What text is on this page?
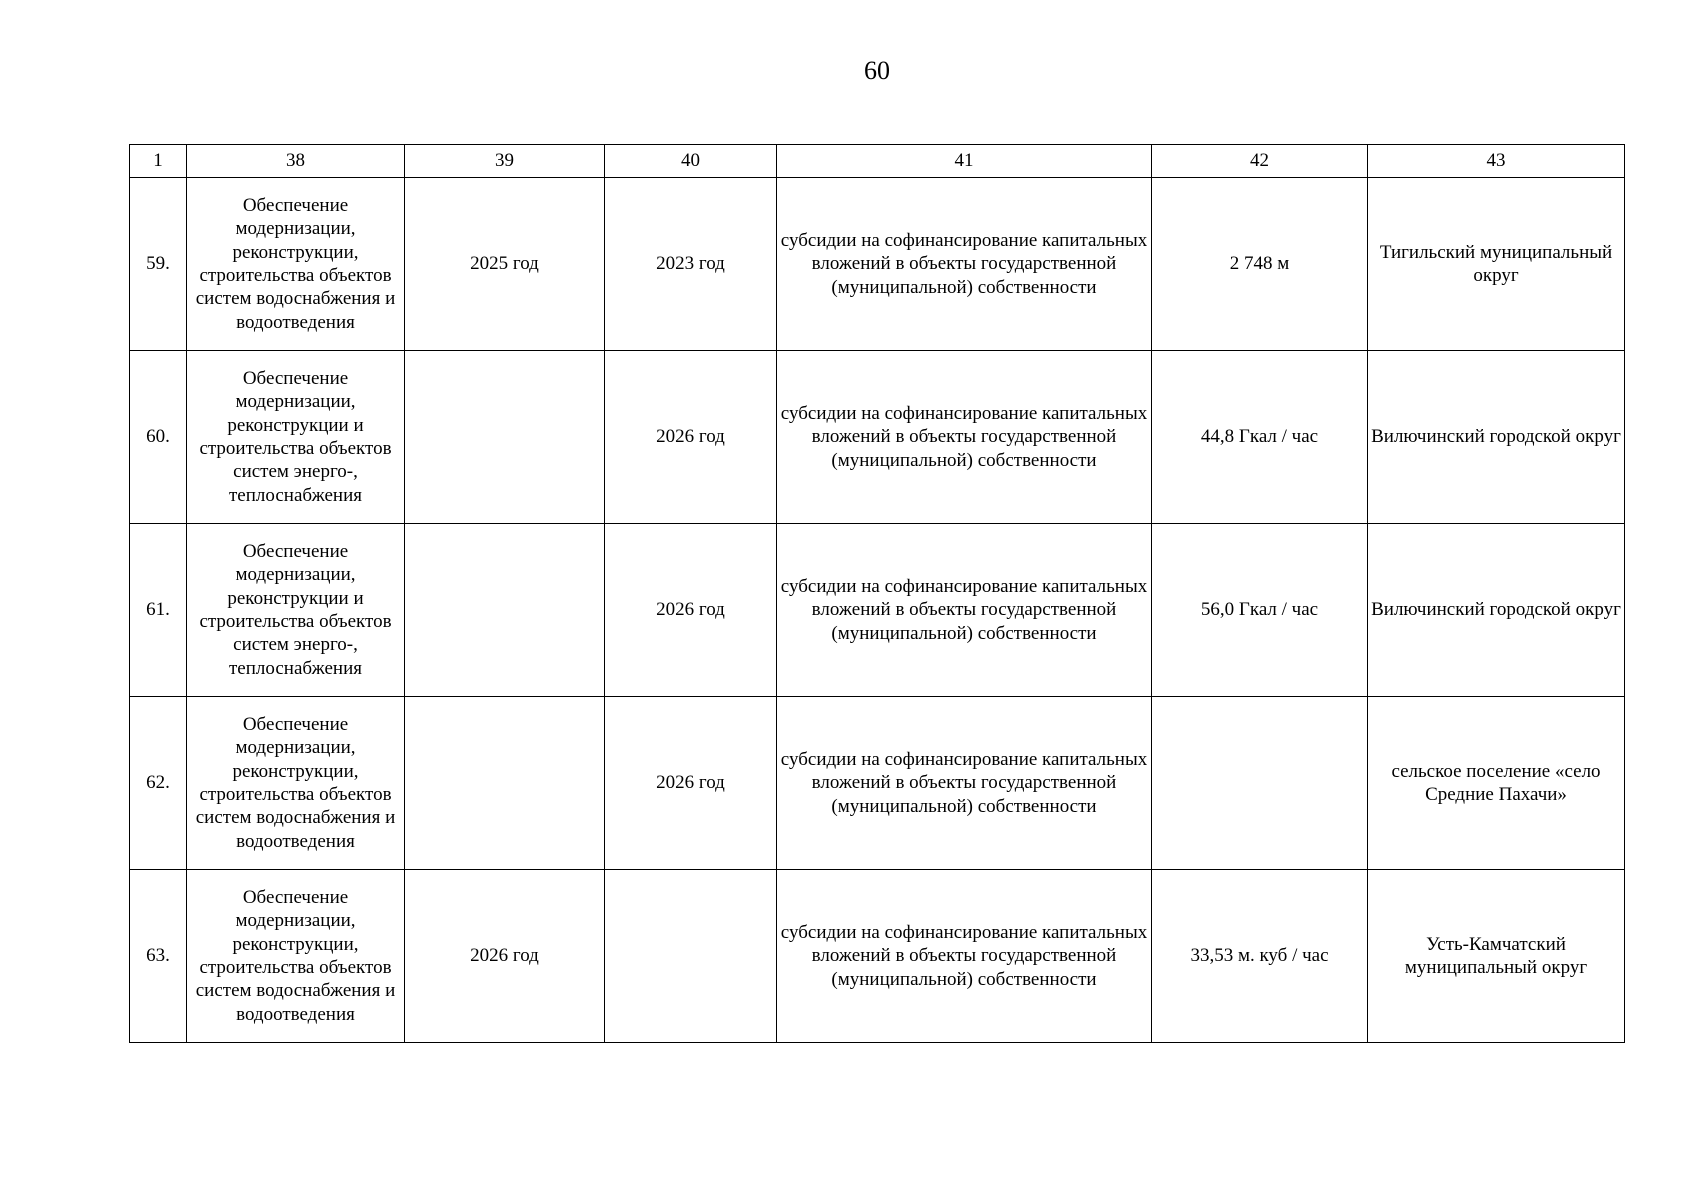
60
1	38	39	40	41	42	43
59.	Обеспечение модернизации, реконструкции, строительства объектов систем водоснабжения и водоотведения	2025 год	2023 год	субсидии на софинансирование капитальных вложений в объекты государственной (муниципальной) собственности	2 748 м	Тигильский муниципальный округ
60.	Обеспечение модернизации, реконструкции и строительства объектов систем энерго-, теплоснабжения		2026 год	субсидии на софинансирование капитальных вложений в объекты государственной (муниципальной) собственности	44,8 Гкал / час	Вилючинский городской округ
61.	Обеспечение модернизации, реконструкции и строительства объектов систем энерго-, теплоснабжения		2026 год	субсидии на софинансирование капитальных вложений в объекты государственной (муниципальной) собственности	56,0 Гкал / час	Вилючинский городской округ
62.	Обеспечение модернизации, реконструкции, строительства объектов систем водоснабжения и водоотведения		2026 год	субсидии на софинансирование капитальных вложений в объекты государственной (муниципальной) собственности		сельское поселение «село Средние Пахачи»
63.	Обеспечение модернизации, реконструкции, строительства объектов систем водоснабжения и водоотведения	2026 год		субсидии на софинансирование капитальных вложений в объекты государственной (муниципальной) собственности	33,53 м. куб / час	Усть-Камчатский муниципальный округ
